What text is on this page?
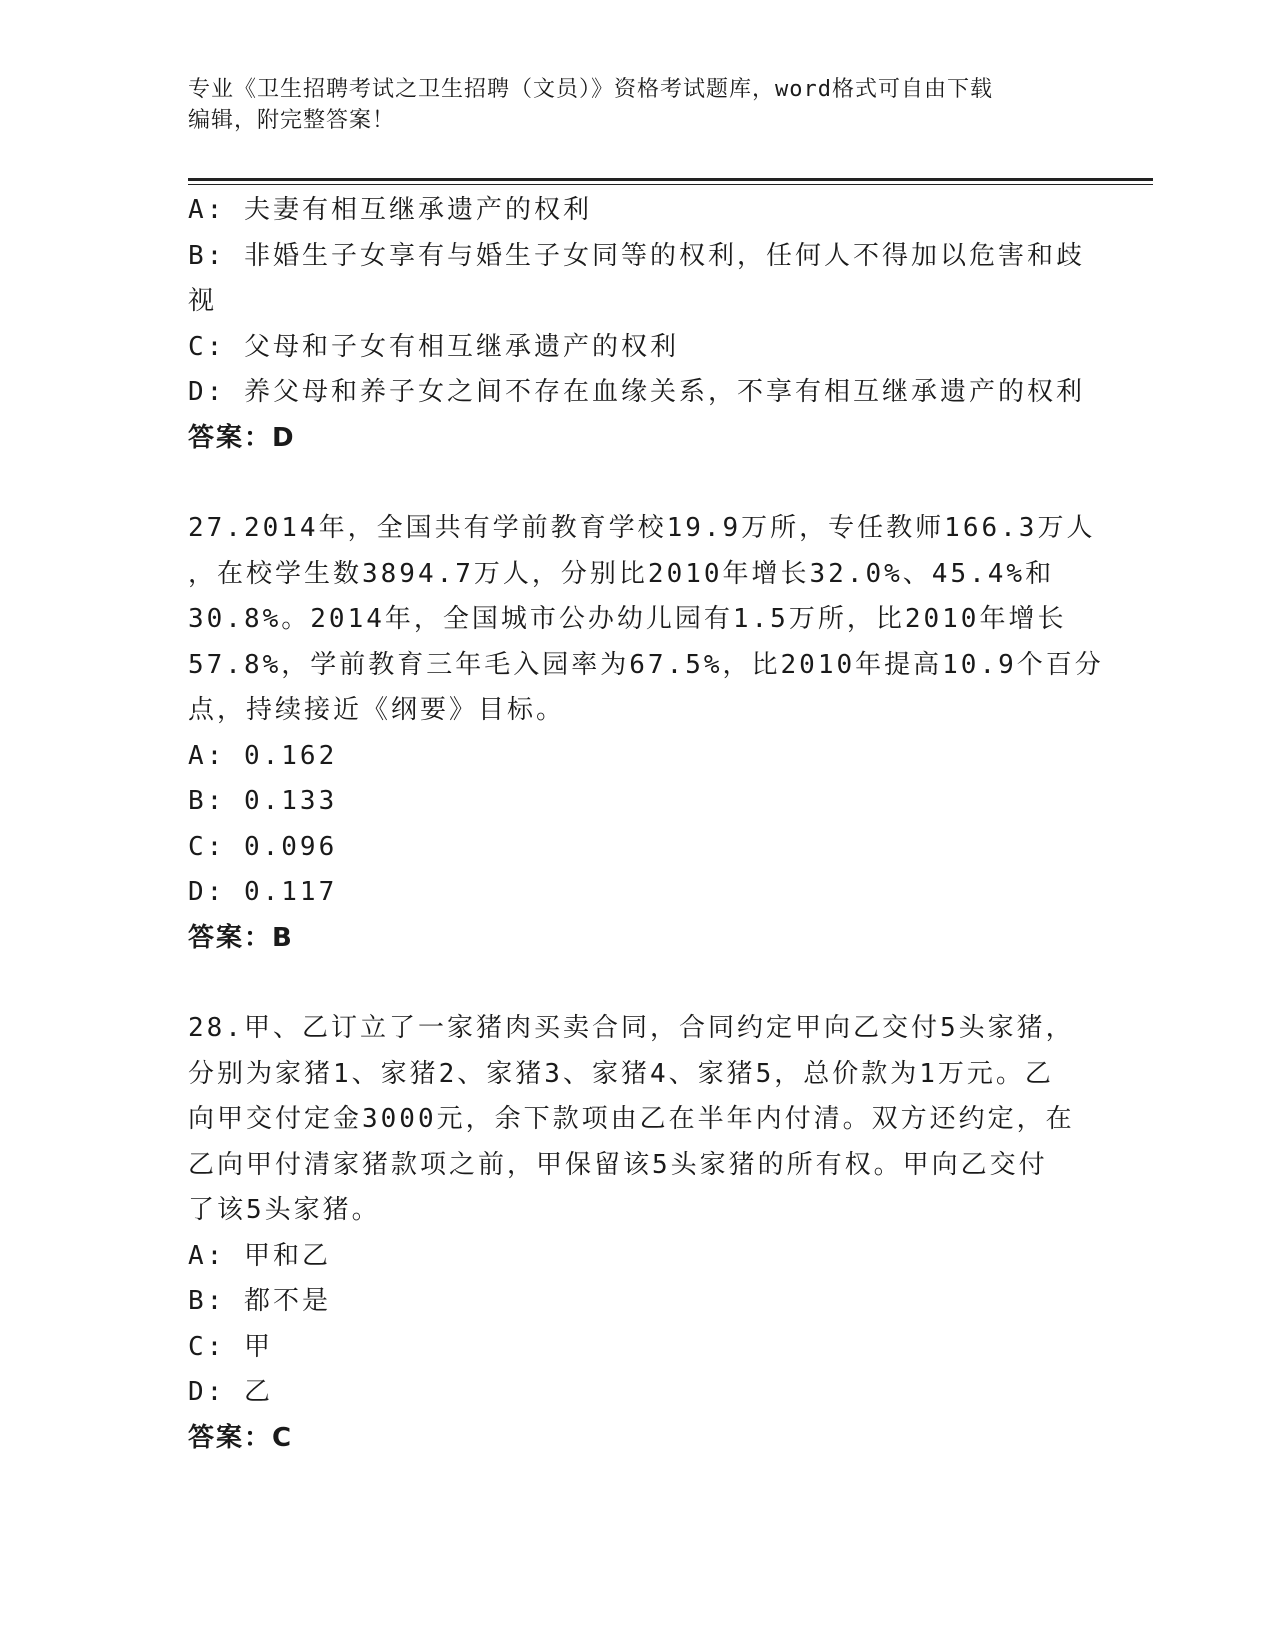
专业《卫生招聘考试之卫生招聘（文员）》资格考试题库，word格式可自由下载
编辑，附完整答案！
A: 夫妻有相互继承遗产的权利
B: 非婚生子女享有与婚生子女同等的权利，任何人不得加以危害和歧
视
C: 父母和子女有相互继承遗产的权利
D: 养父母和养子女之间不存在血缘关系，不享有相互继承遗产的权利
答案：D
27.2014年，全国共有学前教育学校19.9万所，专任教师166.3万人
，在校学生数3894.7万人，分别比2010年增长32.0%、45.4%和
30.8%。2014年，全国城市公办幼儿园有1.5万所，比2010年增长
57.8%，学前教育三年毛入园率为67.5%，比2010年提高10.9个百分
点，持续接近《纲要》目标。
A: 0.162
B: 0.133
C: 0.096
D: 0.117
答案：B
28.甲、乙订立了一家猪肉买卖合同，合同约定甲向乙交付5头家猪，
分别为家猪1、家猪2、家猪3、家猪4、家猪5，总价款为1万元。乙
向甲交付定金3000元，余下款项由乙在半年内付清。双方还约定，在
乙向甲付清家猪款项之前，甲保留该5头家猪的所有权。甲向乙交付
了该5头家猪。
A: 甲和乙
B: 都不是
C: 甲
D: 乙
答案：C
